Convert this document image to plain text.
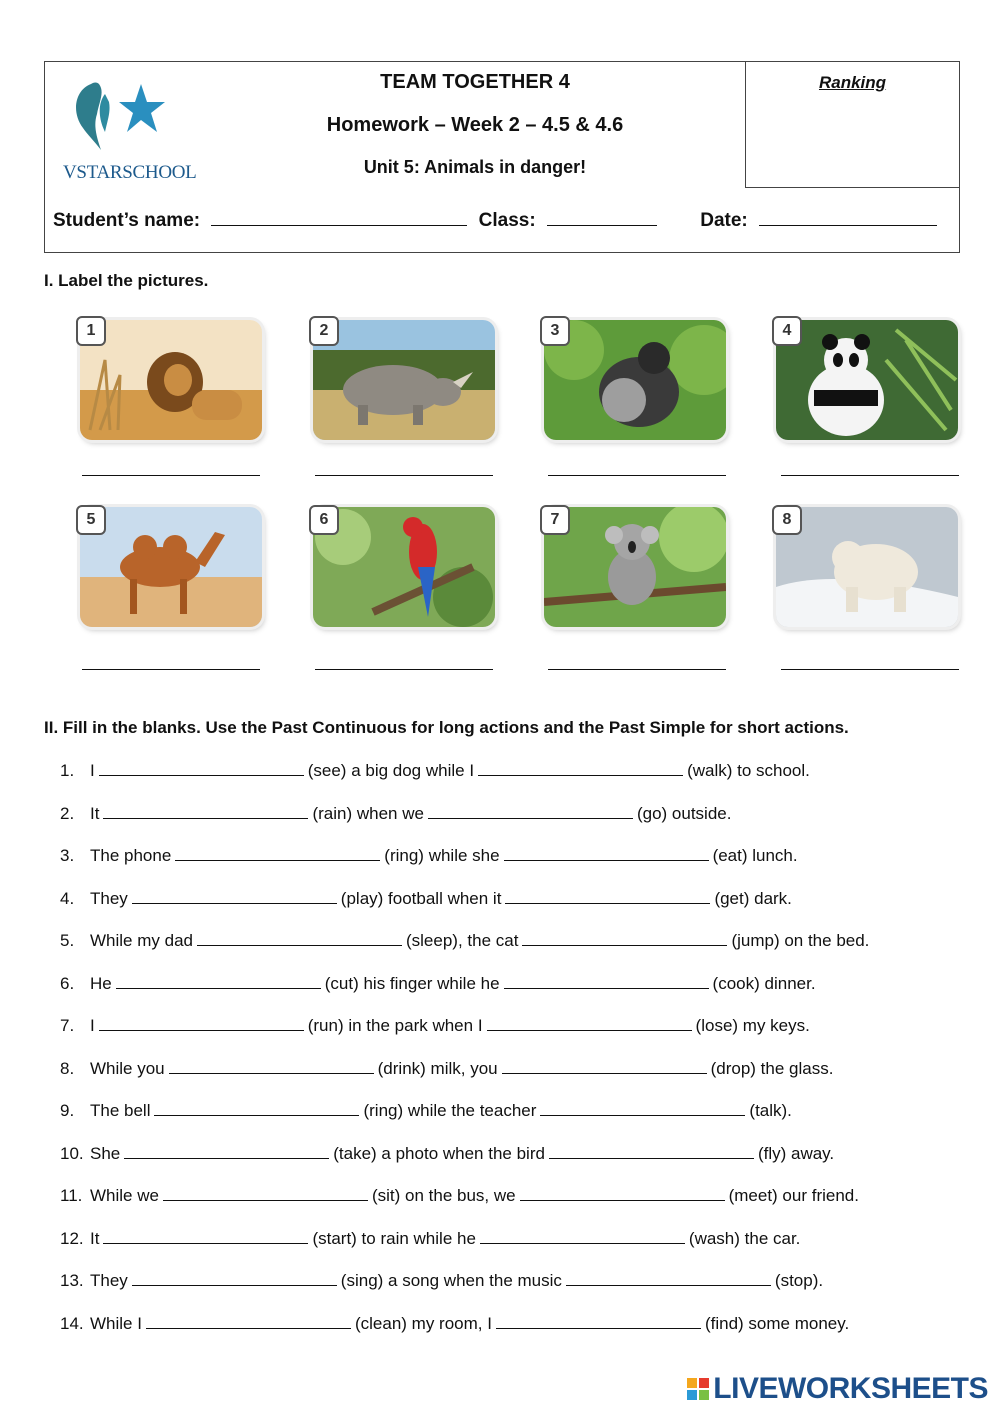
VSTARSCHOOL
TEAM TOGETHER 4
Homework – Week 2 – 4.5 & 4.6
Unit 5: Animals in danger!
Ranking
Student’s name:	Class:	Date:
I. Label the pictures.
1	2	3	4
5	6	7	8
II. Fill in the blanks. Use the Past Continuous for long actions and the Past Simple for short actions.
1. I	(see) a big dog while I	(walk) to school.
2. It	(rain) when we	(go) outside.
3. The phone	(ring) while she	(eat) lunch.
4. They	(play) football when it	(get) dark.
5. While my dad	(sleep), the cat	(jump) on the bed.
6. He	(cut) his finger while he	(cook) dinner.
7. I	(run) in the park when I	(lose) my keys.
8. While you	(drink) milk, you	(drop) the glass.
9. The bell	(ring) while the teacher	(talk).
10. She	(take) a photo when the bird	(fly) away.
11. While we	(sit) on the bus, we	(meet) our friend.
12. It	(start) to rain while he	(wash) the car.
13. They	(sing) a song when the music	(stop).
14. While I	(clean) my room, I	(find) some money.
LIVEWORKSHEETS
